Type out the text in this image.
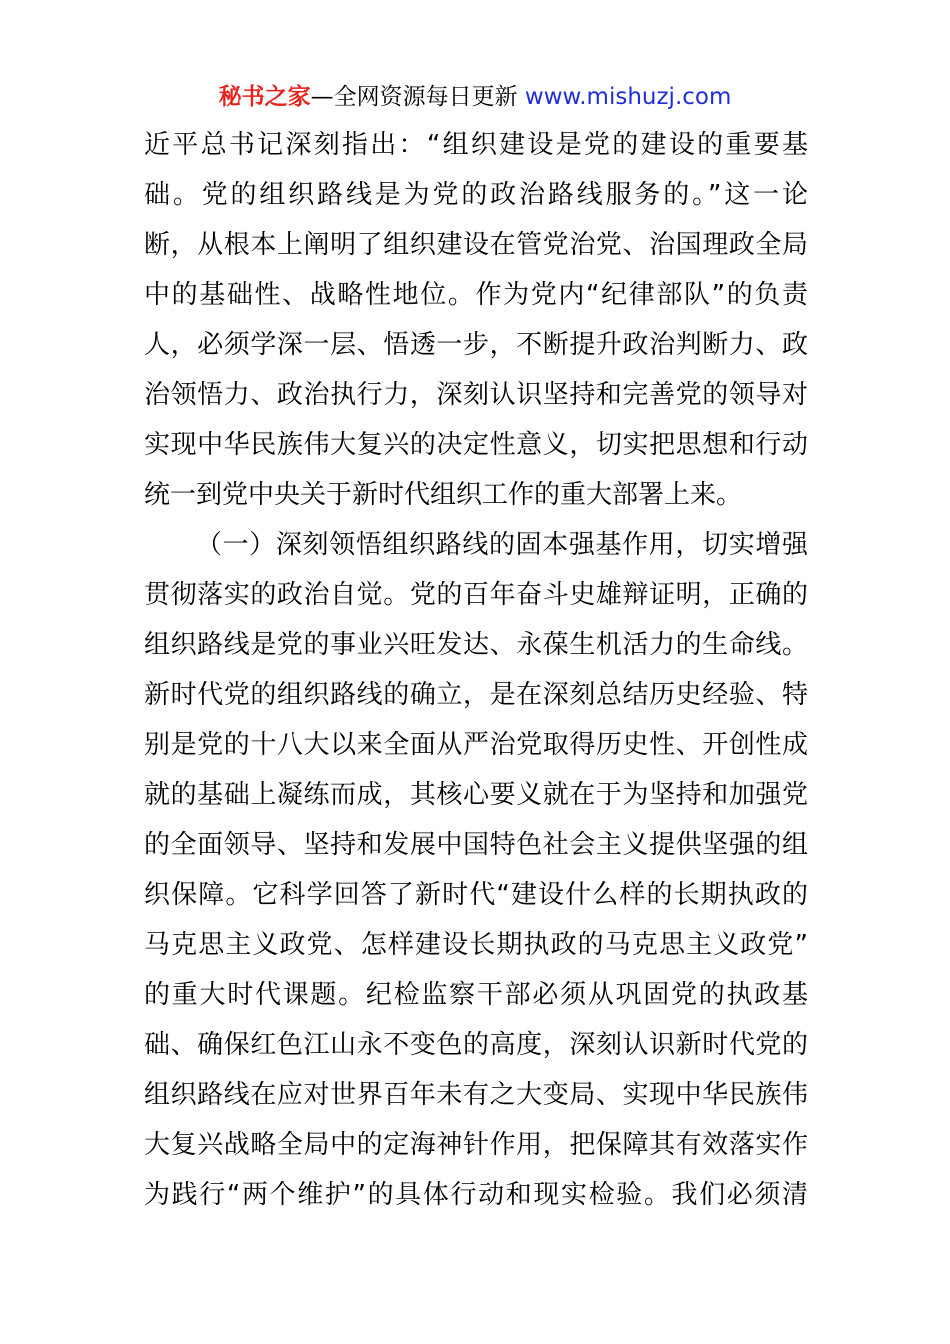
秘书之家—全网资源每日更新 www.mishuzj.com
近平总书记深刻指出：“组织建设是党的建设的重要基
础。党的组织路线是为党的政治路线服务的。”这一论
断，从根本上阐明了组织建设在管党治党、治国理政全局
中的基础性、战略性地位。作为党内“纪律部队”的负责
人，必须学深一层、悟透一步，不断提升政治判断力、政
治领悟力、政治执行力，深刻认识坚持和完善党的领导对
实现中华民族伟大复兴的决定性意义，切实把思想和行动
统一到党中央关于新时代组织工作的重大部署上来。
（一）深刻领悟组织路线的固本强基作用，切实增强
贯彻落实的政治自觉。党的百年奋斗史雄辩证明，正确的
组织路线是党的事业兴旺发达、永葆生机活力的生命线。
新时代党的组织路线的确立，是在深刻总结历史经验、特
别是党的十八大以来全面从严治党取得历史性、开创性成
就的基础上凝练而成，其核心要义就在于为坚持和加强党
的全面领导、坚持和发展中国特色社会主义提供坚强的组
织保障。它科学回答了新时代“建设什么样的长期执政的
马克思主义政党、怎样建设长期执政的马克思主义政党”
的重大时代课题。纪检监察干部必须从巩固党的执政基
础、确保红色江山永不变色的高度，深刻认识新时代党的
组织路线在应对世界百年未有之大变局、实现中华民族伟
大复兴战略全局中的定海神针作用，把保障其有效落实作
为践行“两个维护”的具体行动和现实检验。我们必须清
